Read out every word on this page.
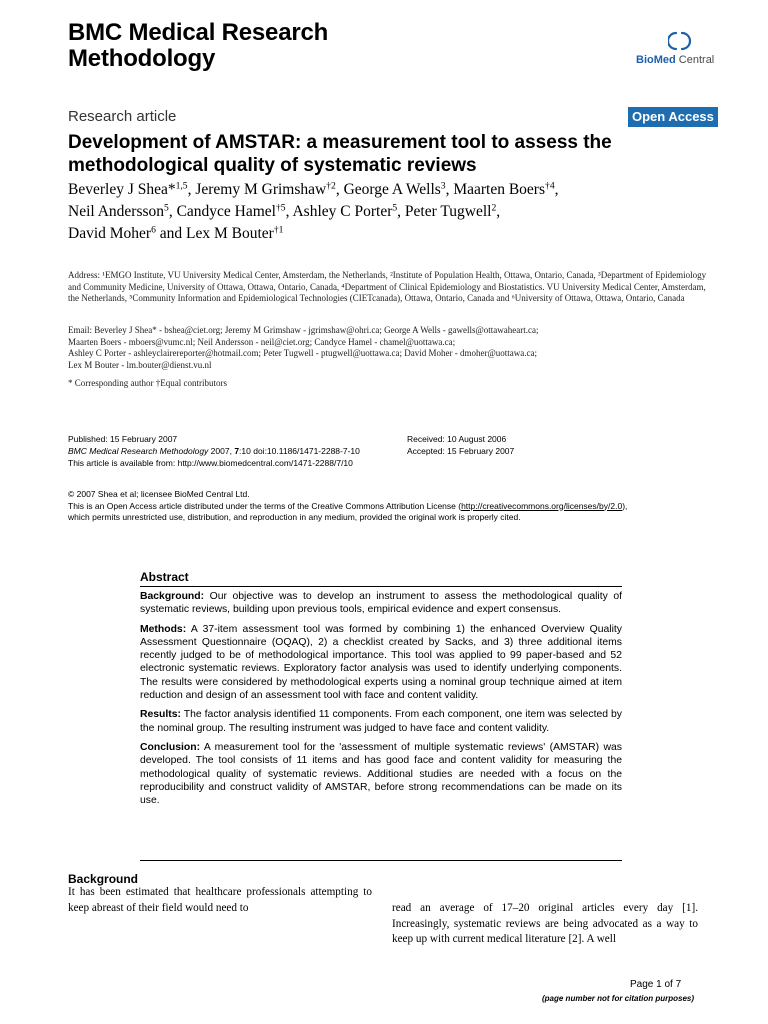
BMC Medical Research
Methodology	BioMed Central
Research article	Open Access
Development of AMSTAR: a measurement tool to assess the
methodological quality of systematic reviews
Beverley J Shea*$^{1,5}$, Jeremy M Grimshaw$^{\dagger 2}$, George A Wells$^3$, Maarten Boers$^{\dagger 4}$,
Neil Andersson$^5$, Candyce Hamel$^{\dagger 5}$, Ashley C Porter$^5$, Peter Tugwell$^2$,
David Moher$^6$ and Lex M Bouter$^{\dagger 1}$
Address: ¹EMGO Institute, VU University Medical Center, Amsterdam, the Netherlands, ²Institute of Population Health, Ottawa, Ontario, Canada, ³Department of Epidemiology and Community Medicine, University of Ottawa, Ottawa, Ontario, Canada, ⁴Department of Clinical Epidemiology and Biostatistics. VU University Medical Center, Amsterdam, the Netherlands, ⁵Community Information and Epidemiological Technologies (CIETcanada), Ottawa, Ontario, Canada and ⁶University of Ottawa, Ottawa, Ontario, Canada
Email: Beverley J Shea* - bshea@ciet.org; Jeremy M Grimshaw - jgrimshaw@ohri.ca; George A Wells - gawells@ottawaheart.ca;
Maarten Boers - mboers@vumc.nl; Neil Andersson - neil@ciet.org; Candyce Hamel - chamel@uottawa.ca;
Ashley C Porter - ashleyclairereporter@hotmail.com; Peter Tugwell - ptugwell@uottawa.ca; David Moher - dmoher@uottawa.ca;
Lex M Bouter - lm.bouter@dienst.vu.nl
* Corresponding author †Equal contributors
Published: 15 February 2007
BMC Medical Research Methodology 2007, 7:10 doi:10.1186/1471-2288-7-10
This article is available from: http://www.biomedcentral.com/1471-2288/7/10
Received: 10 August 2006
Accepted: 15 February 2007
© 2007 Shea et al; licensee BioMed Central Ltd.
This is an Open Access article distributed under the terms of the Creative Commons Attribution License (http://creativecommons.org/licenses/by/2.0),
which permits unrestricted use, distribution, and reproduction in any medium, provided the original work is properly cited.
Abstract

Background: Our objective was to develop an instrument to assess the methodological quality of systematic reviews, building upon previous tools, empirical evidence and expert consensus.

Methods: A 37-item assessment tool was formed by combining 1) the enhanced Overview Quality Assessment Questionnaire (OQAQ), 2) a checklist created by Sacks, and 3) three additional items recently judged to be of methodological importance. This tool was applied to 99 paper-based and 52 electronic systematic reviews. Exploratory factor analysis was used to identify underlying components. The results were considered by methodological experts using a nominal group technique aimed at item reduction and design of an assessment tool with face and content validity.

Results: The factor analysis identified 11 components. From each component, one item was selected by the nominal group. The resulting instrument was judged to have face and content validity.

Conclusion: A measurement tool for the 'assessment of multiple systematic reviews' (AMSTAR) was developed. The tool consists of 11 items and has good face and content validity for measuring the methodological quality of systematic reviews. Additional studies are needed with a focus on the reproducibility and construct validity of AMSTAR, before strong recommendations can be made on its use.

Background
It has been estimated that healthcare professionals attempting to keep abreast of their field would need to	read an average of 17–20 original articles every day [1]. Increasingly, systematic reviews are being advocated as a way to keep up with current medical literature [2]. A well
Page 1 of 7
(page number not for citation purposes)
